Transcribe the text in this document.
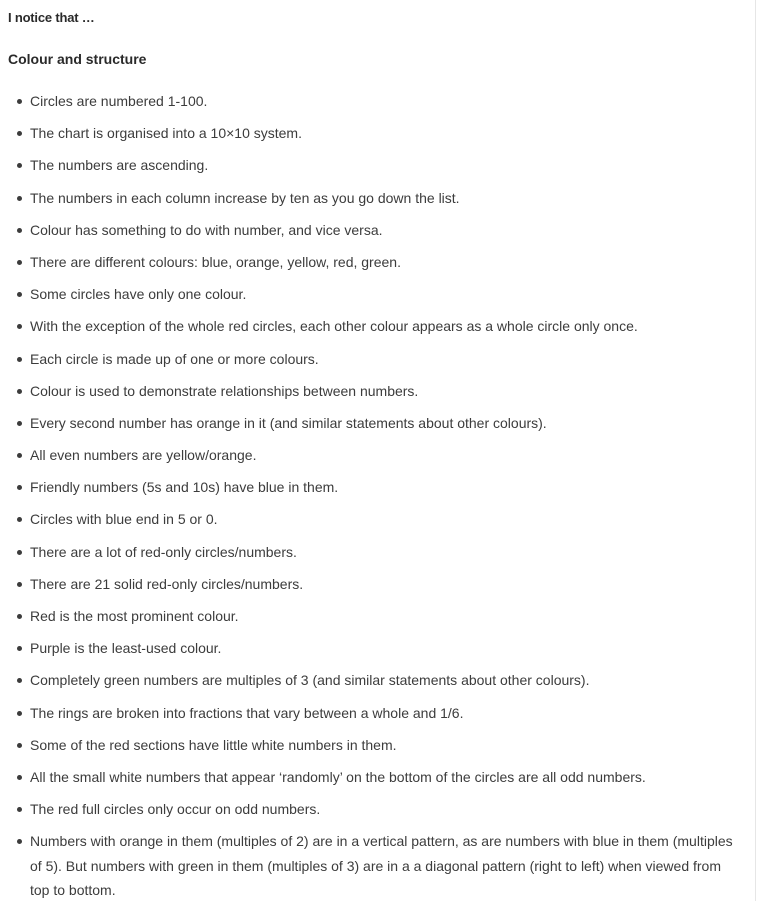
I notice that …
Colour and structure
Circles are numbered 1-100.
The chart is organised into a 10×10 system.
The numbers are ascending.
The numbers in each column increase by ten as you go down the list.
Colour has something to do with number, and vice versa.
There are different colours: blue, orange, yellow, red, green.
Some circles have only one colour.
With the exception of the whole red circles, each other colour appears as a whole circle only once.
Each circle is made up of one or more colours.
Colour is used to demonstrate relationships between numbers.
Every second number has orange in it (and similar statements about other colours).
All even numbers are yellow/orange.
Friendly numbers (5s and 10s) have blue in them.
Circles with blue end in 5 or 0.
There are a lot of red-only circles/numbers.
There are 21 solid red-only circles/numbers.
Red is the most prominent colour.
Purple is the least-used colour.
Completely green numbers are multiples of 3 (and similar statements about other colours).
The rings are broken into fractions that vary between a whole and 1/6.
Some of the red sections have little white numbers in them.
All the small white numbers that appear ‘randomly’ on the bottom of the circles are all odd numbers.
The red full circles only occur on odd numbers.
Numbers with orange in them (multiples of 2) are in a vertical pattern, as are numbers with blue in them (multiples of 5). But numbers with green in them (multiples of 3) are in a a diagonal pattern (right to left) when viewed from top to bottom.
